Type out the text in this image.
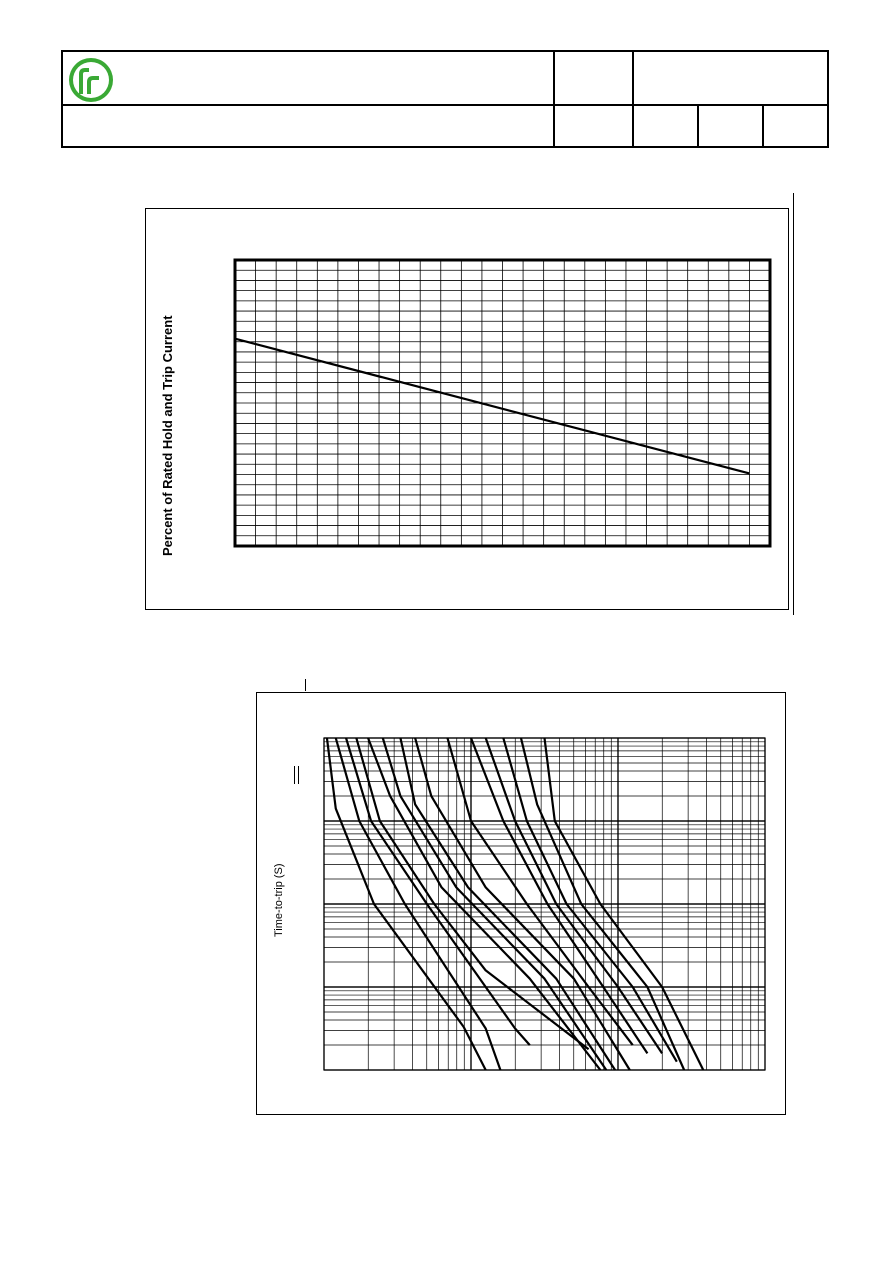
Percent of Rated Hold and Trip Current
Time-to-trip (S)
